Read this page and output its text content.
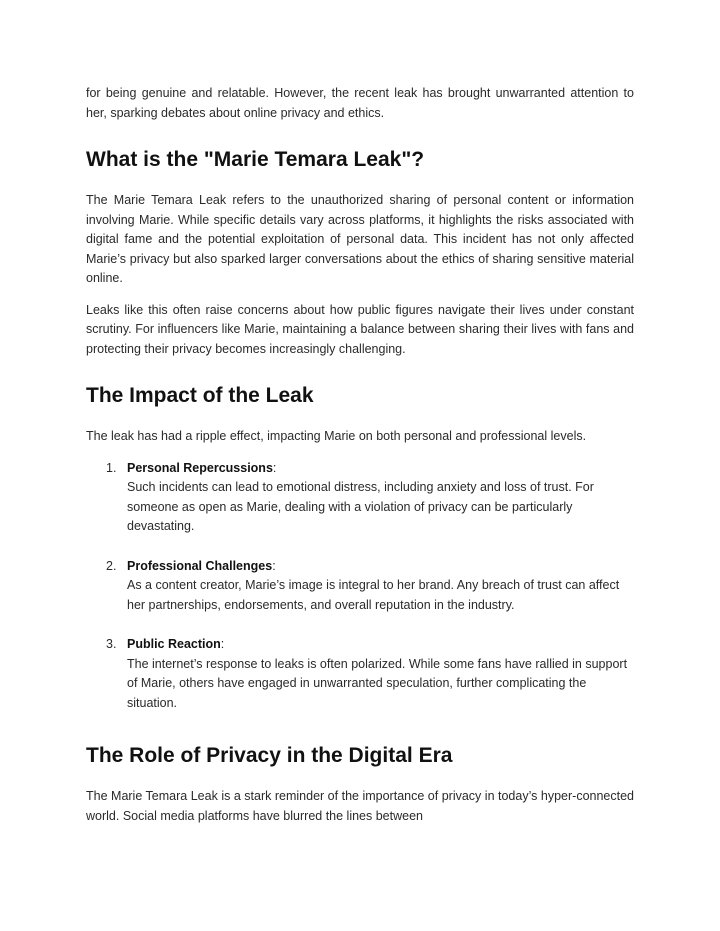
for being genuine and relatable. However, the recent leak has brought unwarranted attention to her, sparking debates about online privacy and ethics.

What is the "Marie Temara Leak"?

The Marie Temara Leak refers to the unauthorized sharing of personal content or information involving Marie. While specific details vary across platforms, it highlights the risks associated with digital fame and the potential exploitation of personal data. This incident has not only affected Marie’s privacy but also sparked larger conversations about the ethics of sharing sensitive material online.

Leaks like this often raise concerns about how public figures navigate their lives under constant scrutiny. For influencers like Marie, maintaining a balance between sharing their lives with fans and protecting their privacy becomes increasingly challenging.

The Impact of the Leak

The leak has had a ripple effect, impacting Marie on both personal and professional levels.

1. Personal Repercussions:
Such incidents can lead to emotional distress, including anxiety and loss of trust. For someone as open as Marie, dealing with a violation of privacy can be particularly devastating.
2. Professional Challenges:
As a content creator, Marie’s image is integral to her brand. Any breach of trust can affect her partnerships, endorsements, and overall reputation in the industry.
3. Public Reaction:
The internet’s response to leaks is often polarized. While some fans have rallied in support of Marie, others have engaged in unwarranted speculation, further complicating the situation.
The Role of Privacy in the Digital Era

The Marie Temara Leak is a stark reminder of the importance of privacy in today’s hyper-connected world. Social media platforms have blurred the lines between
